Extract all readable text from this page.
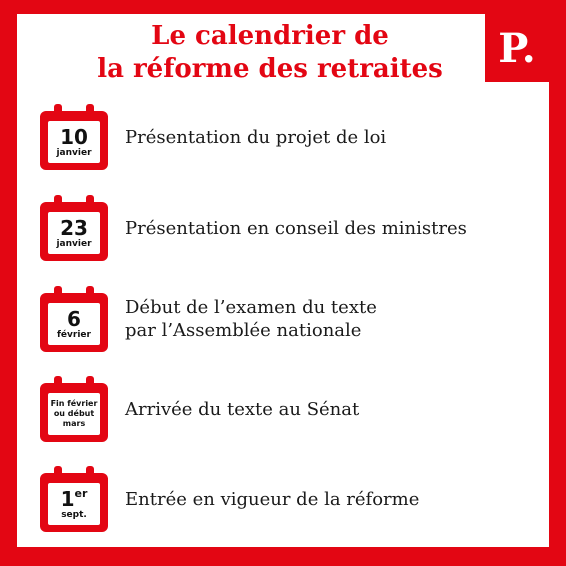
P.
Le calendrier de
la réforme des retraites
10
janvier
Présentation du projet de loi
23
janvier
Présentation en conseil des ministres
6
février
Début de l’examen du texte
par l’Assemblée nationale
Fin février
ou début
mars
Arrivée du texte au Sénat
1er
sept.
Entrée en vigueur de la réforme
